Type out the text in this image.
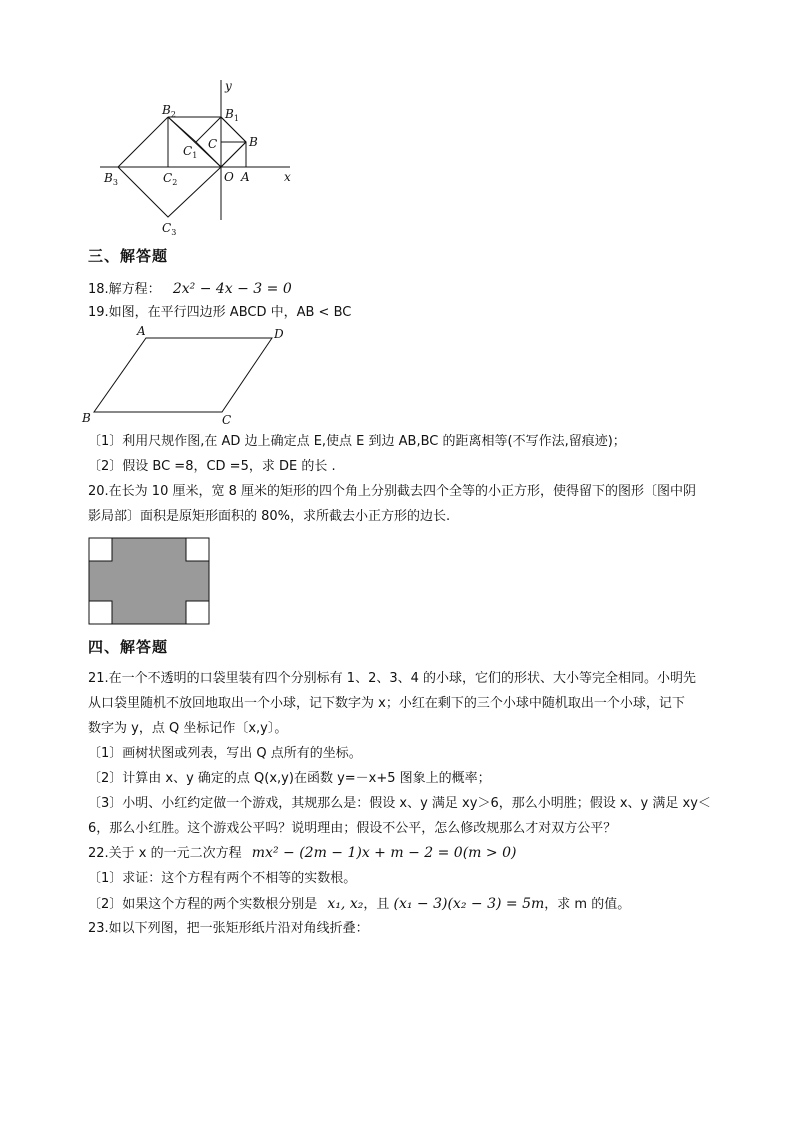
y
x
$B_2$	$B_1$
B
C
$C_1$
$B_3$	$C_2$	O A
$C_3$
三、解答题
18.解方程： 2x² − 4x − 3 = 0
19.如图，在平行四边形 ABCD 中，AB < BC
A	D
B	C
〔1〕利用尺规作图,在 AD 边上确定点 E,使点 E 到边 AB,BC 的距离相等(不写作法,留痕迹)；
〔2〕假设 BC =8，CD =5，求 DE 的长 .
20.在长为 10 厘米，宽 8 厘米的矩形的四个角上分别截去四个全等的小正方形，使得留下的图形〔图中阴
影局部〕面积是原矩形面积的 80%，求所截去小正方形的边长.
四、解答题
21.在一个不透明的口袋里装有四个分别标有 1、2、3、4 的小球，它们的形状、大小等完全相同。小明先
从口袋里随机不放回地取出一个小球，记下数字为 x；小红在剩下的三个小球中随机取出一个小球，记下
数字为 y，点 Q 坐标记作〔x,y〕。
〔1〕画树状图或列表，写出 Q 点所有的坐标。
〔2〕计算由 x、y 确定的点 Q(x,y)在函数 y=－x+5 图象上的概率；
〔3〕小明、小红约定做一个游戏，其规那么是：假设 x、y 满足 xy＞6，那么小明胜；假设 x、y 满足 xy＜
6，那么小红胜。这个游戏公平吗？说明理由；假设不公平，怎么修改规那么才对双方公平？
22.关于 x 的一元二次方程 mx² − (2m − 1)x + m − 2 = 0(m > 0)
〔1〕求证：这个方程有两个不相等的实数根。
〔2〕如果这个方程的两个实数根分别是 x₁, x₂，且 (x₁ − 3)(x₂ − 3) = 5m，求 m 的值。
23.如以下列图，把一张矩形纸片沿对角线折叠：
